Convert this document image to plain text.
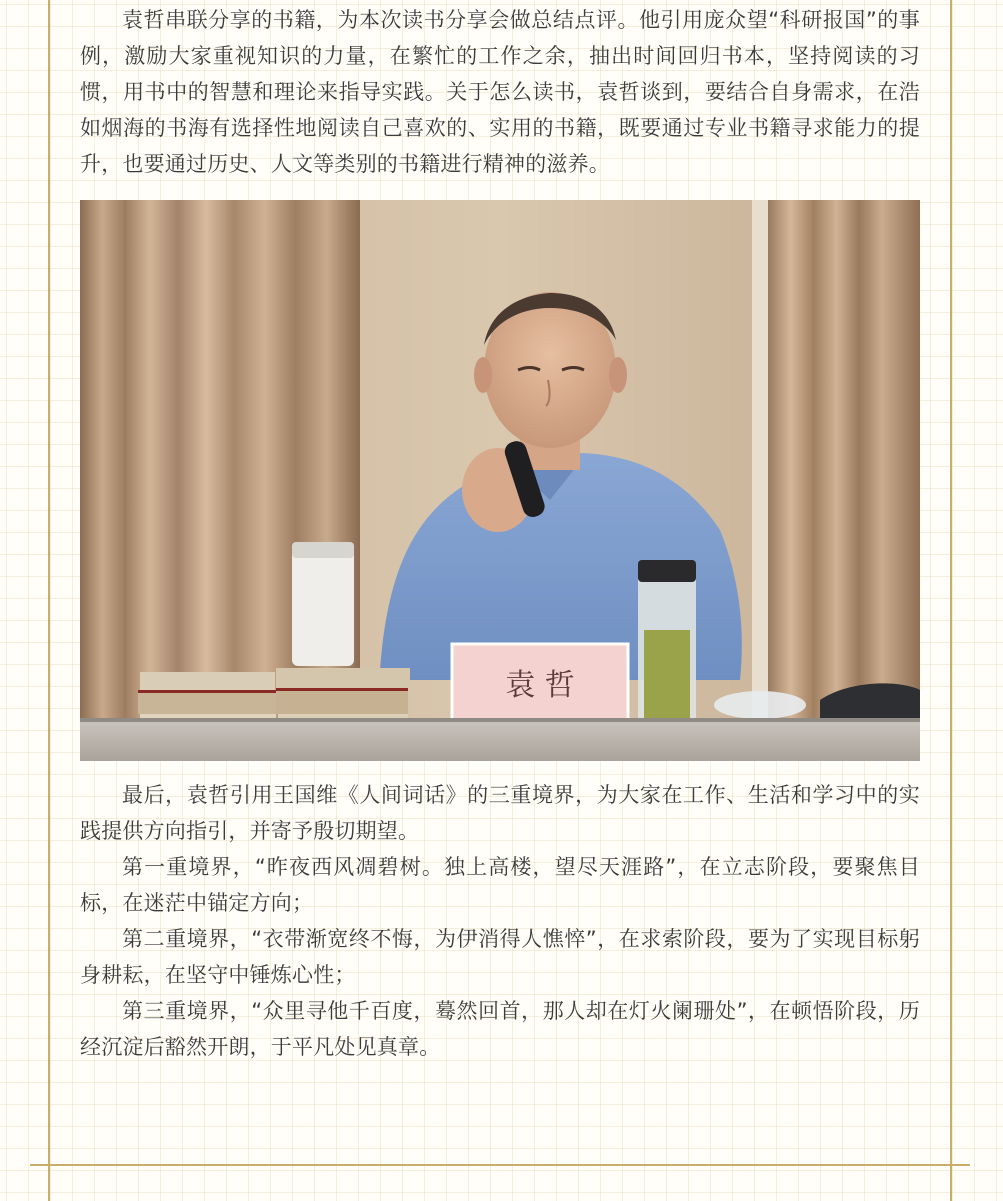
袁哲串联分享的书籍，为本次读书分享会做总结点评。他引用庞众望“科研报国”的事例，激励大家重视知识的力量，在繁忙的工作之余，抽出时间回归书本，坚持阅读的习惯，用书中的智慧和理论来指导实践。关于怎么读书，袁哲谈到，要结合自身需求，在浩如烟海的书海有选择性地阅读自己喜欢的、实用的书籍，既要通过专业书籍寻求能力的提升，也要通过历史、人文等类别的书籍进行精神的滋养。

袁 哲

最后，袁哲引用王国维《人间词话》的三重境界，为大家在工作、生活和学习中的实践提供方向指引，并寄予殷切期望。

第一重境界，“昨夜西风凋碧树。独上高楼，望尽天涯路”，在立志阶段，要聚焦目标，在迷茫中锚定方向；

第二重境界，“衣带渐宽终不悔，为伊消得人憔悴”，在求索阶段，要为了实现目标躬身耕耘，在坚守中锤炼心性；

第三重境界，“众里寻他千百度，蓦然回首，那人却在灯火阑珊处”，在顿悟阶段，历经沉淀后豁然开朗，于平凡处见真章。
